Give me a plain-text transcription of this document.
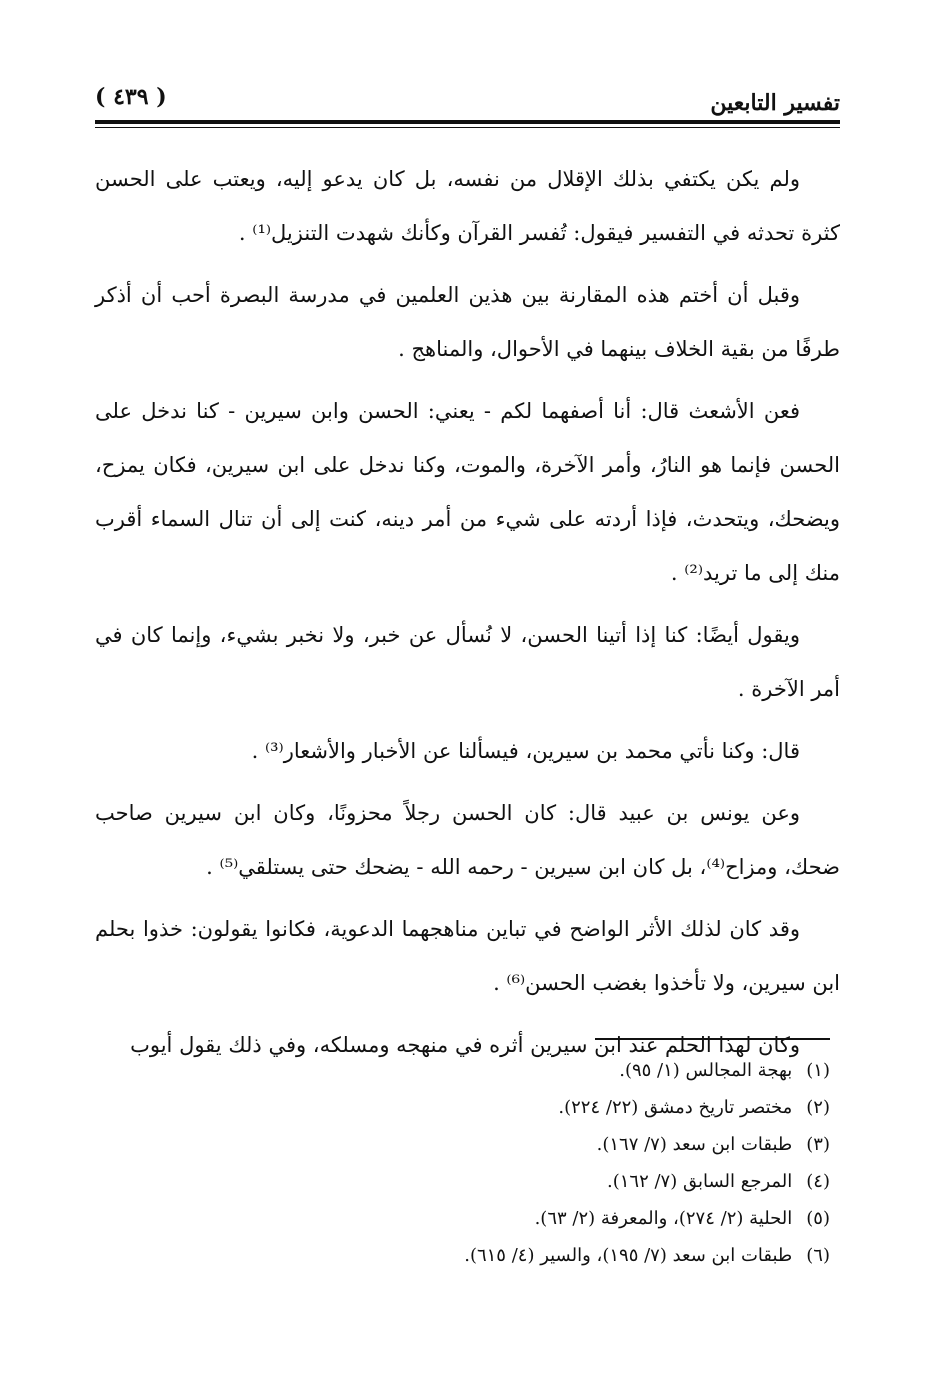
تفسير التابعين
( ٤٣٩ )

ولم يكن يكتفي بذلك الإقلال من نفسه، بل كان يدعو إليه، ويعتب على الحسن كثرة تحدثه في التفسير فيقول: تُفسر القرآن وكأنك شهدت التنزيل⁽¹⁾ .

وقبل أن أختم هذه المقارنة بين هذين العلمين في مدرسة البصرة أحب أن أذكر طرفًا من بقية الخلاف بينهما في الأحوال، والمناهج .

فعن الأشعث قال: أنا أصفهما لكم - يعني: الحسن وابن سيرين - كنا ندخل على الحسن فإنما هو النارُ، وأمر الآخرة، والموت، وكنا ندخل على ابن سيرين، فكان يمزح، ويضحك، ويتحدث، فإذا أردته على شيء من أمر دينه، كنت إلى أن تنال السماء أقرب منك إلى ما تريد⁽²⁾ .

ويقول أيضًا: كنا إذا أتينا الحسن، لا نُسأل عن خبر، ولا نخبر بشيء، وإنما كان في أمر الآخرة .

قال: وكنا نأتي محمد بن سيرين، فيسألنا عن الأخبار والأشعار⁽³⁾ .

وعن يونس بن عبيد قال: كان الحسن رجلاً محزونًا، وكان ابن سيرين صاحب ضحك، ومزاح⁽⁴⁾، بل كان ابن سيرين - رحمه الله - يضحك حتى يستلقي⁽⁵⁾ .

وقد كان لذلك الأثر الواضح في تباين مناهجهما الدعوية، فكانوا يقولون: خذوا بحلم ابن سيرين، ولا تأخذوا بغضب الحسن⁽⁶⁾ .

وكان لهذا الحلم عند ابن سيرين أثره في منهجه ومسلكه، وفي ذلك يقول أيوب

(١) بهجة المجالس (١/ ٩٥).

(٢) مختصر تاريخ دمشق (٢٢/ ٢٢٤).

(٣) طبقات ابن سعد (٧/ ١٦٧).

(٤) المرجع السابق (٧/ ١٦٢).

(٥) الحلية (٢/ ٢٧٤)، والمعرفة (٢/ ٦٣).

(٦) طبقات ابن سعد (٧/ ١٩٥)، والسير (٤/ ٦١٥).
